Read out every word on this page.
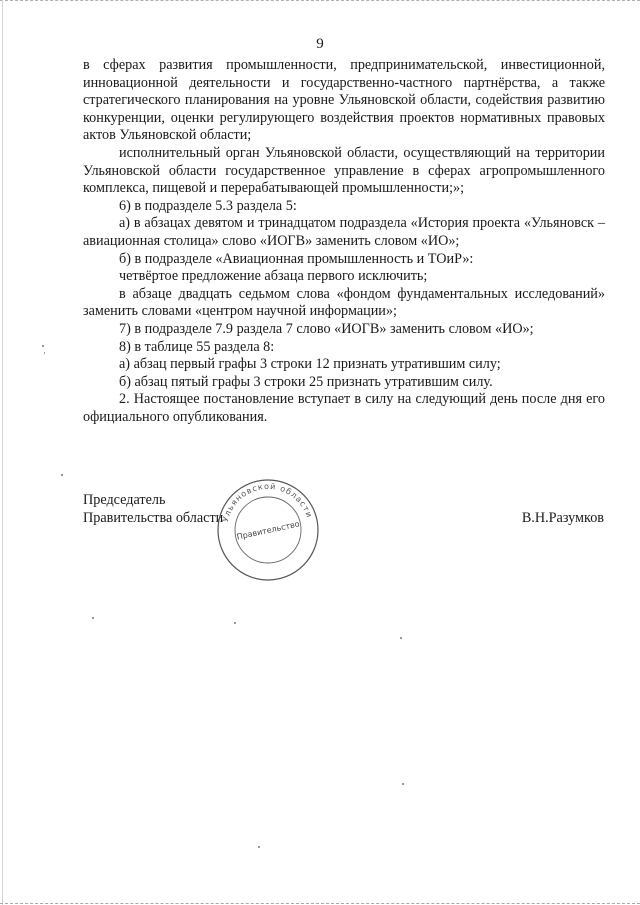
9

в сферах развития промышленности, предпринимательской, инвестиционной, инновационной деятельности и государственно-частного партнёрства, а также стратегического планирования на уровне Ульяновской области, содействия развитию конкуренции, оценки регулирующего воздействия проектов нормативных правовых актов Ульяновской области;

исполнительный орган Ульяновской области, осуществляющий на территории Ульяновской области государственное управление в сферах агропромышленного комплекса, пищевой и перерабатывающей промышленности;»;

6) в подразделе 5.3 раздела 5:

а) в абзацах девятом и тринадцатом подраздела «История проекта «Ульяновск – авиационная столица» слово «ИОГВ» заменить словом «ИО»;

б) в подразделе «Авиационная промышленность и ТОиР»:

четвёртое предложение абзаца первого исключить;

в абзаце двадцать седьмом слова «фондом фундаментальных исследований» заменить словами «центром научной информации»;

7) в подразделе 7.9 раздела 7 слово «ИОГВ» заменить словом «ИО»;

8) в таблице 55 раздела 8:

а) абзац первый графы 3 строки 12 признать утратившим силу;

б) абзац пятый графы 3 строки 25 признать утратившим силу.

2. Настоящее постановление вступает в силу на следующий день после дня его официального опубликования.

Председатель
Правительства области	В.Н.Разумков
Ульяновской области
Правительство
